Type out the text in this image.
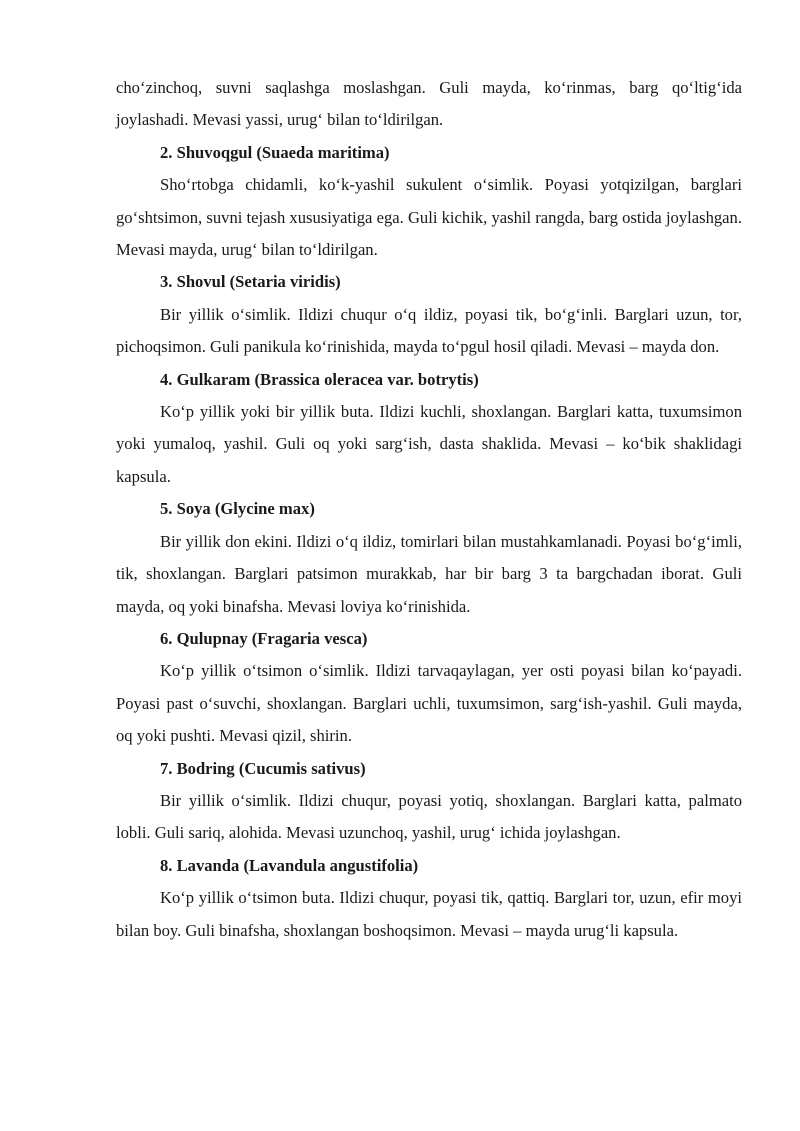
cho‘zinchoq, suvni saqlashga moslashgan. Guli mayda, ko‘rinmas, barg qo‘ltig‘ida joylashadi. Mevasi yassi, urug‘ bilan to‘ldirilgan.

2. Shuvoqgul (Suaeda maritima)

Sho‘rtobga chidamli, ko‘k-yashil sukulent o‘simlik. Poyasi yotqizilgan, barglari go‘shtsimon, suvni tejash xususiyatiga ega. Guli kichik, yashil rangda, barg ostida joylashgan. Mevasi mayda, urug‘ bilan to‘ldirilgan.

3. Shovul (Setaria viridis)

Bir yillik o‘simlik. Ildizi chuqur o‘q ildiz, poyasi tik, bo‘g‘inli. Barglari uzun, tor, pichoqsimon. Guli panikula ko‘rinishida, mayda to‘pgul hosil qiladi. Mevasi – mayda don.

4. Gulkaram (Brassica oleracea var. botrytis)

Ko‘p yillik yoki bir yillik buta. Ildizi kuchli, shoxlangan. Barglari katta, tuxumsimon yoki yumaloq, yashil. Guli oq yoki sarg‘ish, dasta shaklida. Mevasi – ko‘bik shaklidagi kapsula.

5. Soya (Glycine max)

Bir yillik don ekini. Ildizi o‘q ildiz, tomirlari bilan mustahkamlanadi. Poyasi bo‘g‘imli, tik, shoxlangan. Barglari patsimon murakkab, har bir barg 3 ta bargchadan iborat. Guli mayda, oq yoki binafsha. Mevasi loviya ko‘rinishida.

6. Qulupnay (Fragaria vesca)

Ko‘p yillik o‘tsimon o‘simlik. Ildizi tarvaqaylagan, yer osti poyasi bilan ko‘payadi. Poyasi past o‘suvchi, shoxlangan. Barglari uchli, tuxumsimon, sarg‘ish-yashil. Guli mayda, oq yoki pushti. Mevasi qizil, shirin.

7. Bodring (Cucumis sativus)

Bir yillik o‘simlik. Ildizi chuqur, poyasi yotiq, shoxlangan. Barglari katta, palmato lobli. Guli sariq, alohida. Mevasi uzunchoq, yashil, urug‘ ichida joylashgan.

8. Lavanda (Lavandula angustifolia)

Ko‘p yillik o‘tsimon buta. Ildizi chuqur, poyasi tik, qattiq. Barglari tor, uzun, efir moyi bilan boy. Guli binafsha, shoxlangan boshoqsimon. Mevasi – mayda urug‘li kapsula.
